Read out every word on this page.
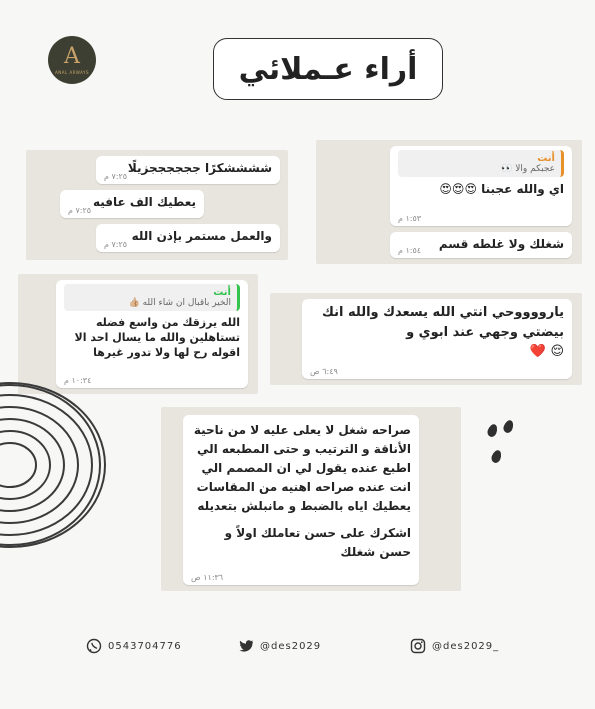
A
ANAL ARWAYS	أراء عـملائي
أنت
عجبكم والا 👀
اي والله عجبنا 😍😍😍
١:٥٣ م
شغلك ولا غلطه قسم
١:٥٤ م
ششششكرًا ججججججزيلًا
٧:٢٥ م
يعطيك الف عافيه
٧:٢٥ م
والعمل مستمر بإذن الله
٧:٢٥ م
أنت
الخير باقبال ان شاء الله 👍🏼
الله يرزقك من واسع فضله تستاهلين والله ما يسال احد الا اقوله رح لها ولا تدور غيرها
١٠:٣٤ م
يارووووحي انتي الله يسعدك والله انك بيضتي وجهي عند ابوي و
😌 ❤️
٦:٤٩ ص
صراحه شغل لا يعلى عليه لا من ناحية الأناقة و الترتيب و حتى المطبعه الي اطبع عنده يقول لي ان المصمم الي انت عنده صراحه اهنيه من المقاسات يعطيك اياه بالضبط و مانبلش بتعديله
اشكرك على حسن تعاملك اولاً و حسن شغلك
١١:٣٦ ص
0543704776	@des2029	@des2029_
